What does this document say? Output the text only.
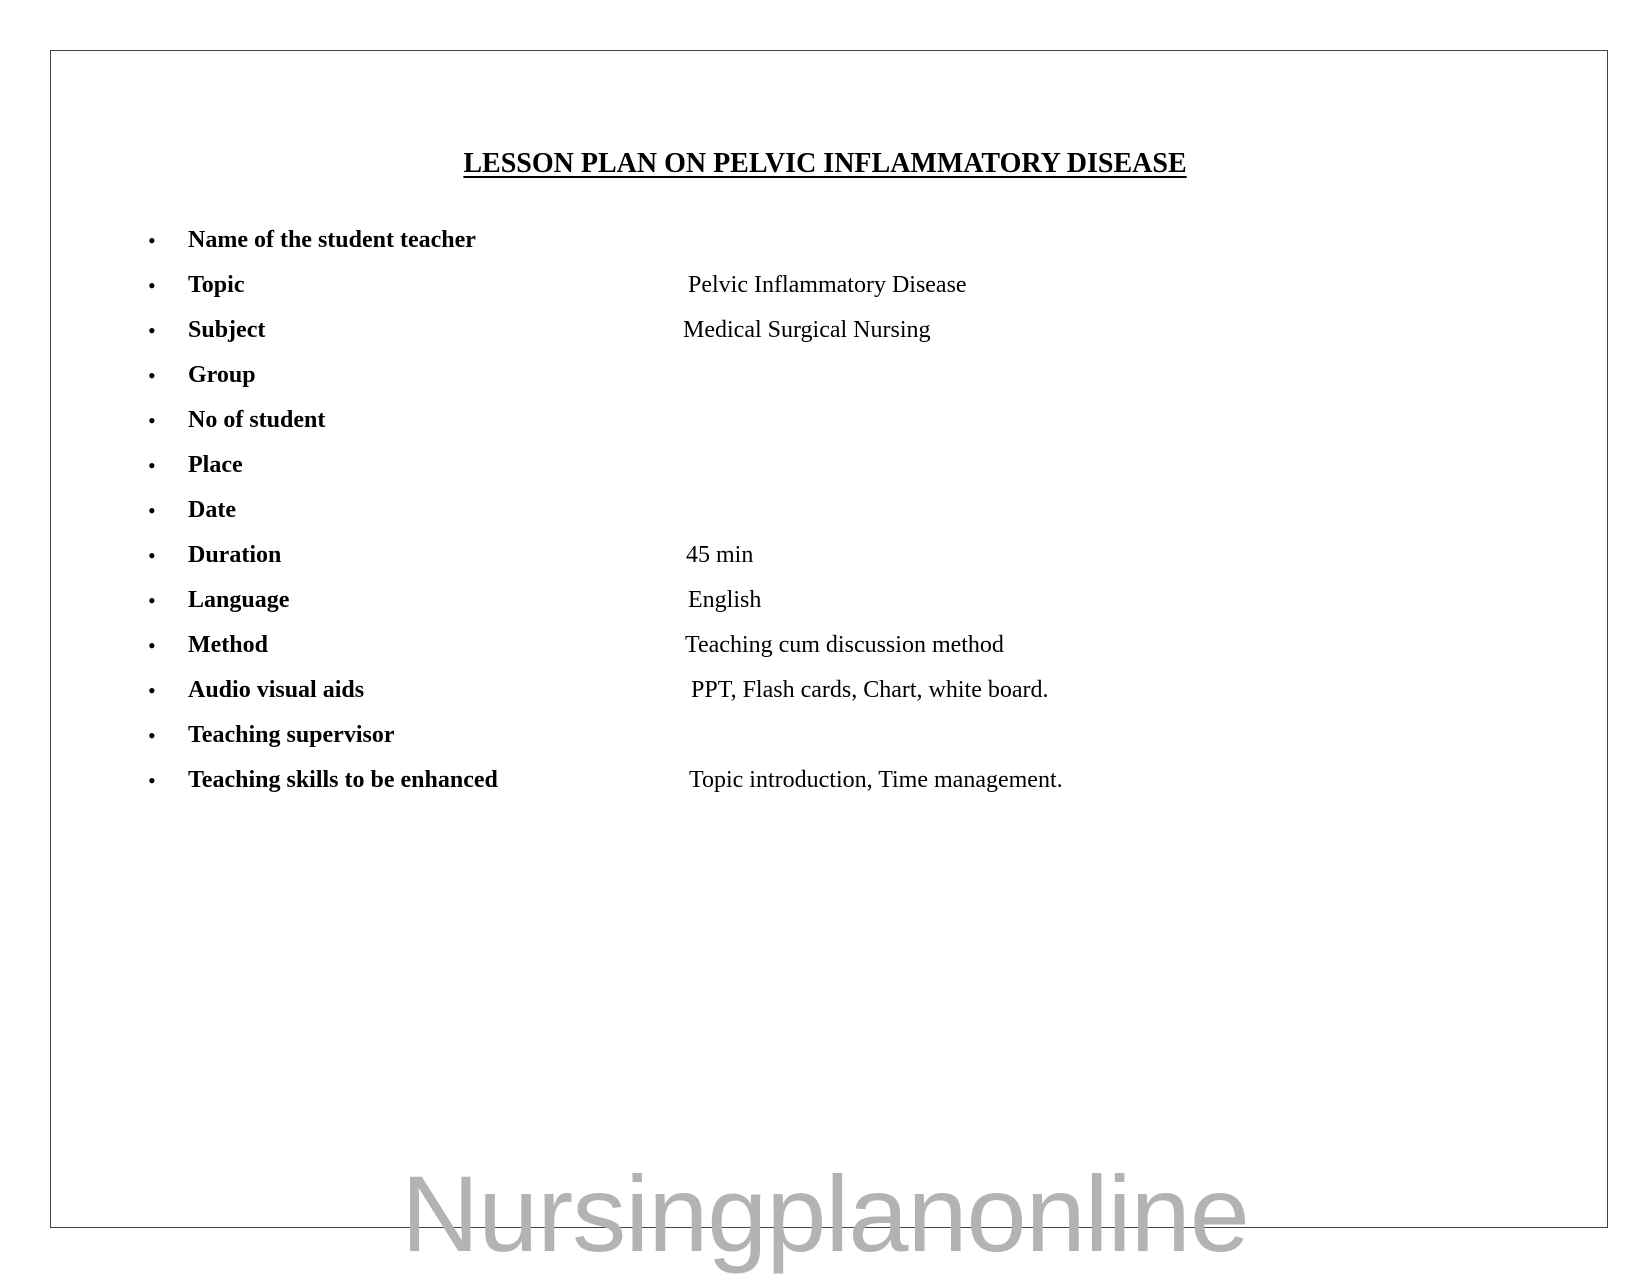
LESSON PLAN ON PELVIC INFLAMMATORY DISEASE
• Name of the student teacher
• Topic	Pelvic Inflammatory Disease
• Subject	Medical Surgical Nursing
• Group
• No of student
• Place
• Date
• Duration	45 min
• Language	English
• Method	Teaching cum discussion method
• Audio visual aids	PPT, Flash cards, Chart, white board.
• Teaching supervisor
• Teaching skills to be enhanced	Topic introduction, Time management.
Nursingplanonline
